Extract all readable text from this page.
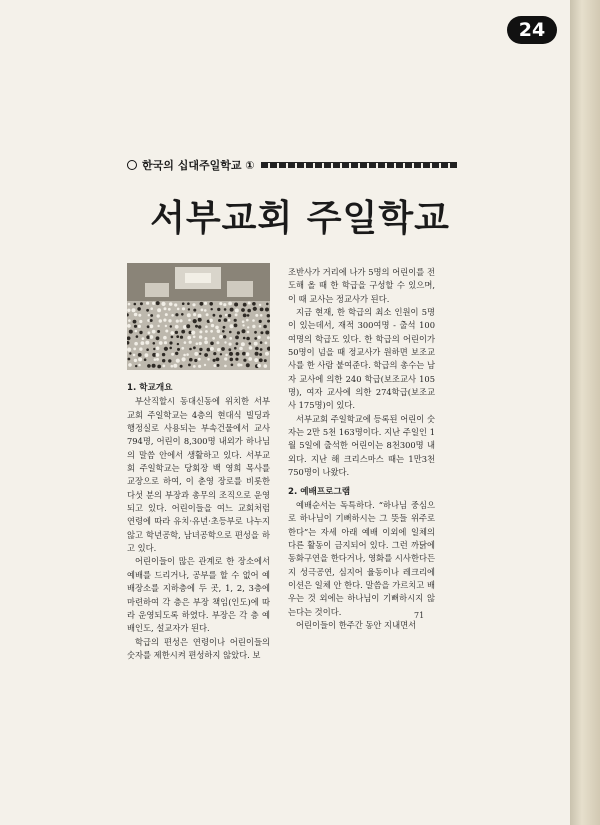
24
한국의 십대주일학교 ①
서부교회 주일학교
1. 학교개요

부산직할시 동대신동에 위치한 서부교회 주일학교는 4층의 현대식 빌딩과 행정실로 사용되는 부속건물에서 교사 794명, 어린이 8,300명 내외가 하나님의 말씀 안에서 생활하고 있다. 서부교회 주일학교는 당회장 백 영희 목사를 교장으로 하여, 이 춘영 장로를 비롯한 다섯 분의 부장과 총무의 조직으로 운영되고 있다. 어린이들을 여느 교회처럼 연령에 따라 유치·유년·초등부로 나누지 않고 학년공학, 남녀공학으로 편성을 하고 있다.

어린이들이 많은 관계로 한 장소에서 예배를 드리거나, 공부를 할 수 없어 예배장소를 지하층에 두 곳, 1, 2, 3층에 마련하여 각 층은 부장 책임(인도)에 따라 운영되도록 하였다. 부장은 각 층 예배인도, 설교자가 된다.

학급의 편성은 연령이나 어린이들의 숫자를 제한시켜 편성하지 않았다. 보

조반사가 거리에 나가 5명의 어린이를 전도해 올 때 한 학급을 구성할 수 있으며, 이 때 교사는 정교사가 된다.

지금 현재, 한 학급의 최소 인원이 5명이 있는데서, 재적 300여명 - 출석 100여명의 학급도 있다. 한 학급의 어린이가 50명이 넘을 때 정교사가 원하면 보조교사를 한 사람 붙여준다. 학급의 총수는 남자 교사에 의한 240 학급(보조교사 105명), 여자 교사에 의한 274학급(보조교사 175명)이 있다.

서부교회 주일학교에 등록된 어린이 숫자는 2만 5천 163명이다. 지난 주일인 1월 5일에 출석한 어린이는 8천300명 내외다. 지난 해 크리스마스 때는 1만3천 750명이 나왔다.

2. 예배프로그램

예배순서는 독특하다. “하나님 중심으로 하나님이 기뻐하시는 그 뜻들 위주로 한다”는 자세 아래 예배 이외에 일체의 다른 활동이 금지되어 있다. 그런 까닭에 동화구연을 한다거나, 영화를 시사한다든지 성극공연, 심지어 율동이나 레크리에이션은 일체 안 한다. 말씀을 가르치고 배우는 것 외에는 하나님이 기뻐하시지 않는다는 것이다.

어린이들이 한주간 동안 지내면서

71
